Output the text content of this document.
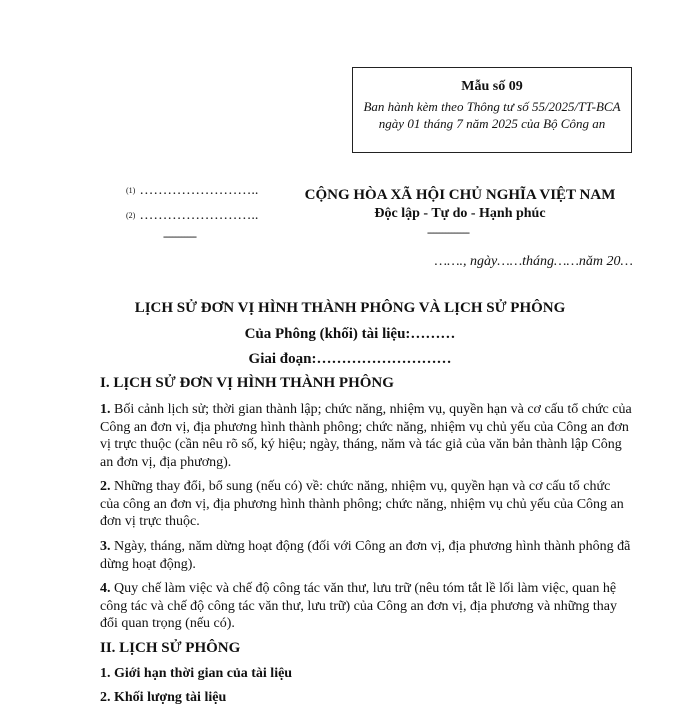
Mẫu số 09
Ban hành kèm theo Thông tư số 55/2025/TT-BCA ngày 01 tháng 7 năm 2025 của Bộ Công an
$^{(1)}$ ……………………..
$^{(2)}$ ……………………..
-----------
CỘNG HÒA XÃ HỘI CHỦ NGHĨA VIỆT NAM
Độc lập - Tự do - Hạnh phúc
--------------
……., ngày……tháng……năm 20…
LỊCH SỬ ĐƠN VỊ HÌNH THÀNH PHÔNG VÀ LỊCH SỬ PHÔNG
Của Phông (khối) tài liệu:………
Giai đoạn:………………………
I. LỊCH SỬ ĐƠN VỊ HÌNH THÀNH PHÔNG
1. Bối cảnh lịch sử; thời gian thành lập; chức năng, nhiệm vụ, quyền hạn và cơ cấu tổ chức của Công an đơn vị, địa phương hình thành phông; chức năng, nhiệm vụ chủ yếu của Công an đơn vị trực thuộc (cần nêu rõ số, ký hiệu; ngày, tháng, năm và tác giả của văn bản thành lập Công an đơn vị, địa phương).
2. Những thay đổi, bổ sung (nếu có) về: chức năng, nhiệm vụ, quyền hạn và cơ cấu tổ chức của công an đơn vị, địa phương hình thành phông; chức năng, nhiệm vụ chủ yếu của Công an đơn vị trực thuộc.
3. Ngày, tháng, năm dừng hoạt động (đối với Công an đơn vị, địa phương hình thành phông đã dừng hoạt động).
4. Quy chế làm việc và chế độ công tác văn thư, lưu trữ (nêu tóm tắt lề lối làm việc, quan hệ công tác và chế độ công tác văn thư, lưu trữ) của Công an đơn vị, địa phương và những thay đổi quan trọng (nếu có).
II. LỊCH SỬ PHÔNG
1. Giới hạn thời gian của tài liệu
2. Khối lượng tài liệu
